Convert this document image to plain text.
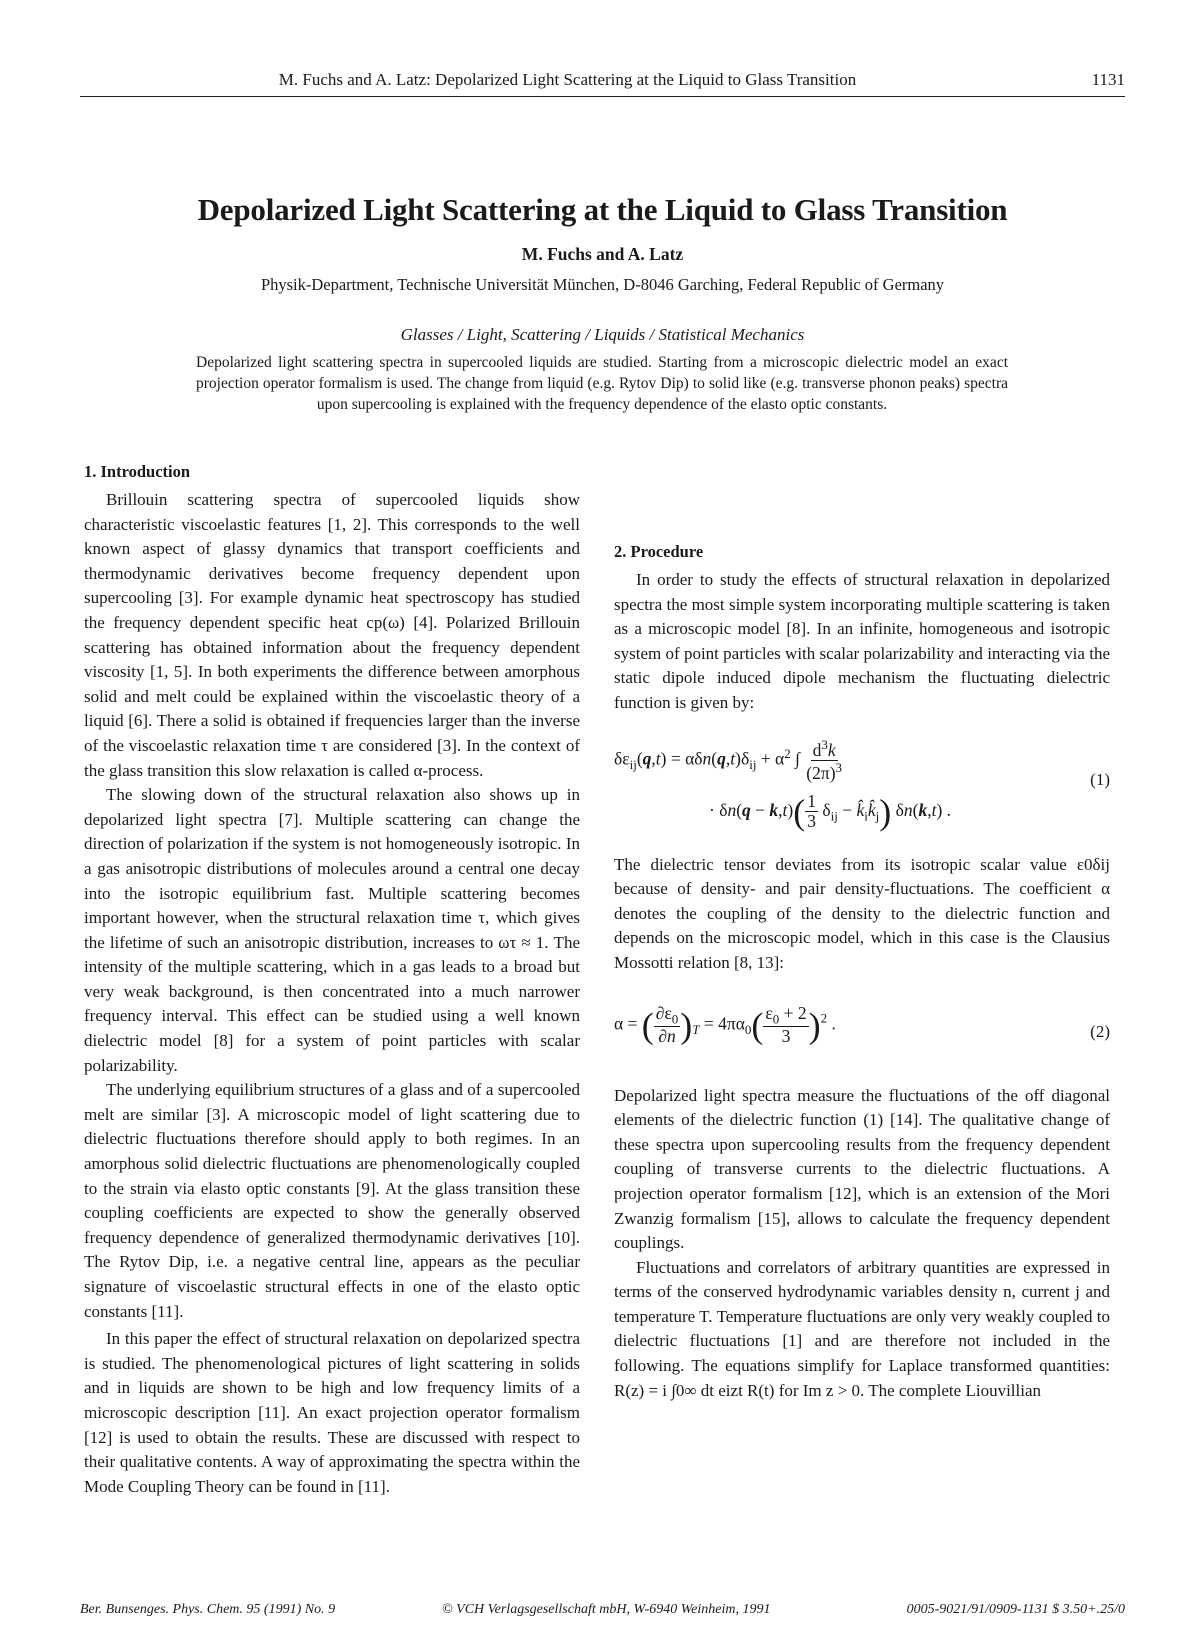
M. Fuchs and A. Latz: Depolarized Light Scattering at the Liquid to Glass Transition	1131
Depolarized Light Scattering at the Liquid to Glass Transition
M. Fuchs and A. Latz
Physik-Department, Technische Universität München, D-8046 Garching, Federal Republic of Germany
Glasses / Light, Scattering / Liquids / Statistical Mechanics
Depolarized light scattering spectra in supercooled liquids are studied. Starting from a microscopic dielectric model an exact projection operator formalism is used. The change from liquid (e.g. Rytov Dip) to solid like (e.g. transverse phonon peaks) spectra upon supercooling is explained with the frequency dependence of the elasto optic constants.
1. Introduction

Brillouin scattering spectra of supercooled liquids show characteristic viscoelastic features [1, 2]. This corresponds to the well known aspect of glassy dynamics that transport coefficients and thermodynamic derivatives become frequency dependent upon supercooling [3]. For example dynamic heat spectroscopy has studied the frequency dependent specific heat cp(ω) [4]. Polarized Brillouin scattering has obtained information about the frequency dependent viscosity [1, 5]. In both experiments the difference between amorphous solid and melt could be explained within the viscoelastic theory of a liquid [6]. There a solid is obtained if frequencies larger than the inverse of the viscoelastic relaxation time τ are considered [3]. In the context of the glass transition this slow relaxation is called α-process.

The slowing down of the structural relaxation also shows up in depolarized light spectra [7]. Multiple scattering can change the direction of polarization if the system is not homogeneously isotropic. In a gas anisotropic distributions of molecules around a central one decay into the isotropic equilibrium fast. Multiple scattering becomes important however, when the structural relaxation time τ, which gives the lifetime of such an anisotropic distribution, increases to ωτ ≈ 1. The intensity of the multiple scattering, which in a gas leads to a broad but very weak background, is then concentrated into a much narrower frequency interval. This effect can be studied using a well known dielectric model [8] for a system of point particles with scalar polarizability.

The underlying equilibrium structures of a glass and of a supercooled melt are similar [3]. A microscopic model of light scattering due to dielectric fluctuations therefore should apply to both regimes. In an amorphous solid dielectric fluctuations are phenomenologically coupled to the strain via elasto optic constants [9]. At the glass transition these coupling coefficients are expected to show the generally observed frequency dependence of generalized thermodynamic derivatives [10]. The Rytov Dip, i.e. a negative central line, appears as the peculiar signature of viscoelastic structural effects in one of the elasto optic constants [11].

In this paper the effect of structural relaxation on depolarized spectra is studied. The phenomenological pictures of light scattering in solids and in liquids are shown to be high and low frequency limits of a microscopic description [11]. An exact projection operator formalism [12] is used to obtain the results. These are discussed with respect to their qualitative contents. A way of approximating the spectra within the Mode Coupling Theory can be found in [11].

2. Procedure

In order to study the effects of structural relaxation in depolarized spectra the most simple system incorporating multiple scattering is taken as a microscopic model [8]. In an infinite, homogeneous and isotropic system of point particles with scalar polarizability and interacting via the static dipole induced dipole mechanism the fluctuating dielectric function is given by:

$\delta\varepsilon_{ij}(q,t) = \alpha\delta n(q,t)\delta_{ij} + \alpha^2$ ∫ $\frac{d^3k}{(2\pi)^3}$
· $\delta n(q - k,t)( \frac{1}{3} \delta_{ij}$ − $k̂_ik̂_j$) δn(k,t) .
(1)

The dielectric tensor deviates from its isotropic scalar value ε0δij because of density- and pair density-fluctuations. The coefficient α denotes the coupling of the density to the dielectric function and depends on the microscopic model, which in this case is the Clausius Mossotti relation [8, 13]:

α = ( $\frac{\partial\varepsilon_0}{\partial n} )_T = 4\pi\alpha_0( \frac{\varepsilon_0 + 2}{3} )^2$ .	(2)

Depolarized light spectra measure the fluctuations of the off diagonal elements of the dielectric function (1) [14]. The qualitative change of these spectra upon supercooling results from the frequency dependent coupling of transverse currents to the dielectric fluctuations. A projection operator formalism [12], which is an extension of the Mori Zwanzig formalism [15], allows to calculate the frequency dependent couplings.

Fluctuations and correlators of arbitrary quantities are expressed in terms of the conserved hydrodynamic variables density n, current j and temperature T. Temperature fluctuations are only very weakly coupled to dielectric fluctuations [1] and are therefore not included in the following. The equations simplify for Laplace transformed quantities: R(z) = i ∫0∞ dt eizt R(t) for Im z > 0. The complete Liouvillian

Ber. Bunsenges. Phys. Chem. 95 (1991) No. 9	© VCH Verlagsgesellschaft mbH, W-6940 Weinheim, 1991	0005-9021/91/0909-1131 $ 3.50+.25/0
